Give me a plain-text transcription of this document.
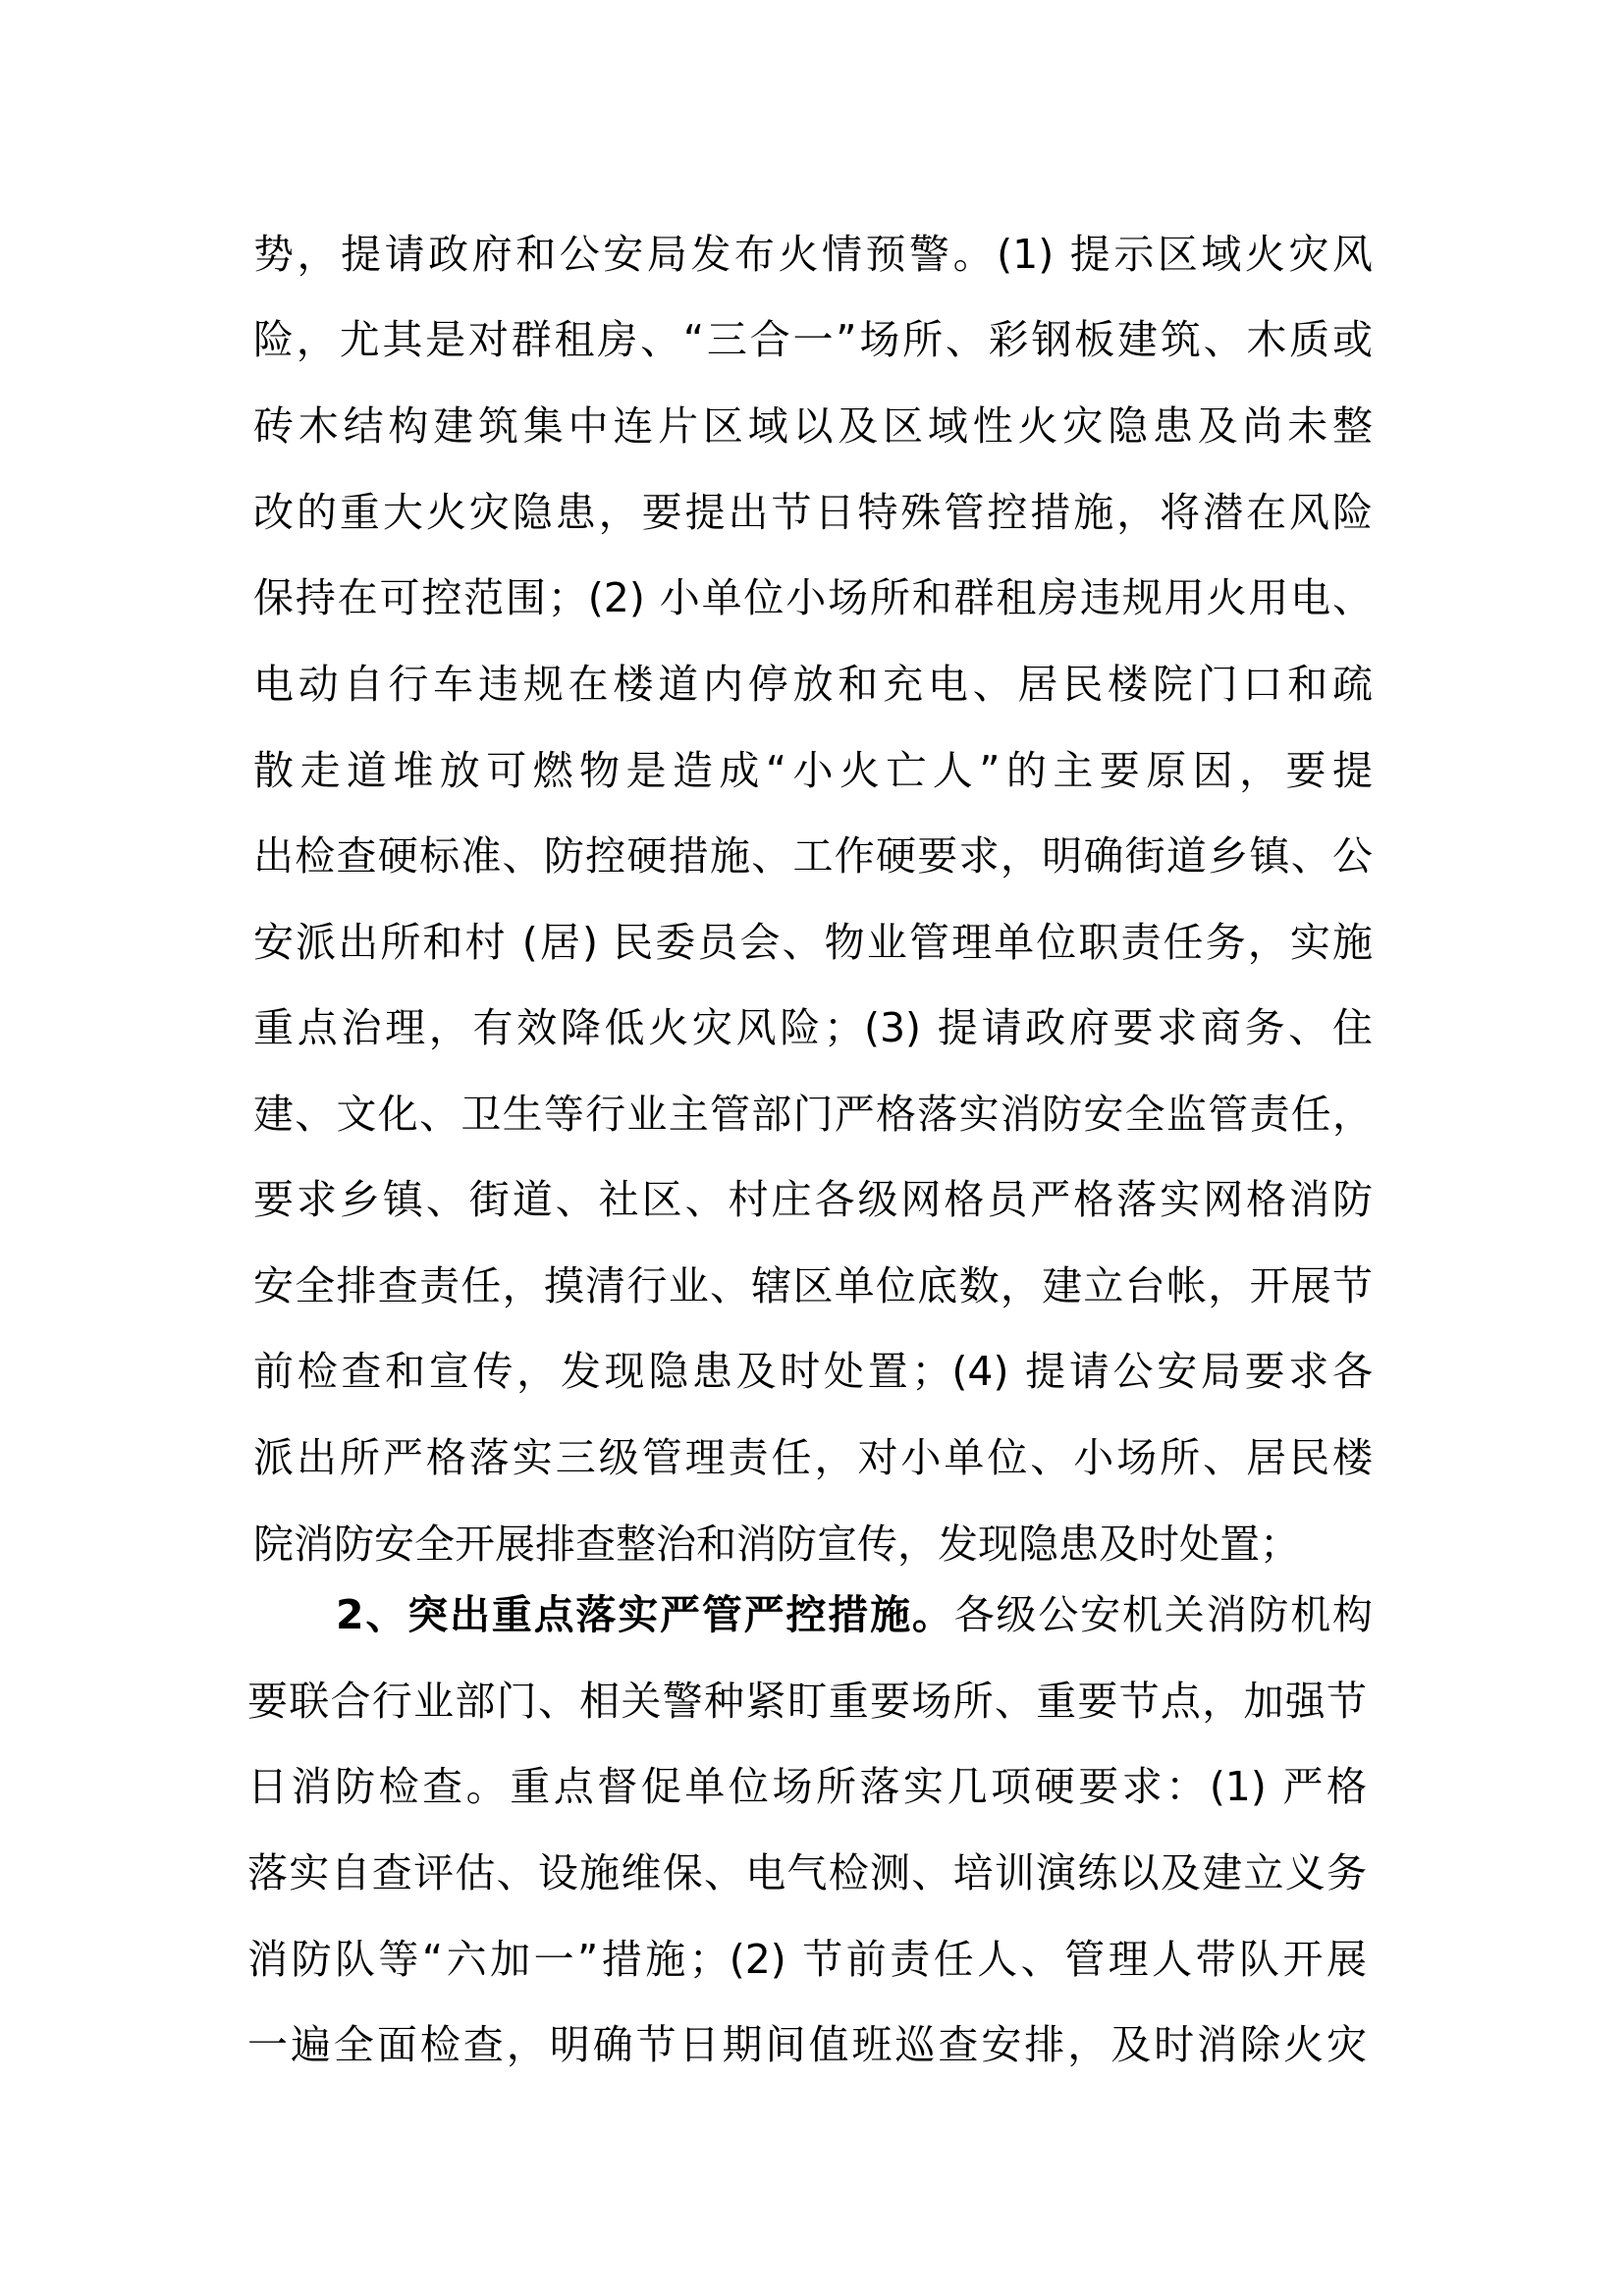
势，提请政府和公安局发布火情预警。(1) 提示区域火灾风
险，尤其是对群租房、“三合一”场所、彩钢板建筑、木质或
砖木结构建筑集中连片区域以及区域性火灾隐患及尚未整
改的重大火灾隐患，要提出节日特殊管控措施，将潜在风险
保持在可控范围；(2) 小单位小场所和群租房违规用火用电、
电动自行车违规在楼道内停放和充电、居民楼院门口和疏
散走道堆放可燃物是造成“小火亡人”的主要原因，要提
出检查硬标准、防控硬措施、工作硬要求，明确街道乡镇、公
安派出所和村 (居) 民委员会、物业管理单位职责任务，实施
重点治理，有效降低火灾风险；(3) 提请政府要求商务、住
建、文化、卫生等行业主管部门严格落实消防安全监管责任，
要求乡镇、街道、社区、村庄各级网格员严格落实网格消防
安全排查责任，摸清行业、辖区单位底数，建立台帐，开展节
前检查和宣传，发现隐患及时处置；(4) 提请公安局要求各
派出所严格落实三级管理责任，对小单位、小场所、居民楼
院消防安全开展排查整治和消防宣传，发现隐患及时处置；
2、突出重点落实严管严控措施。各级公安机关消防机构
要联合行业部门、相关警种紧盯重要场所、重要节点，加强节
日消防检查。重点督促单位场所落实几项硬要求：(1) 严格
落实自查评估、设施维保、电气检测、培训演练以及建立义务
消防队等“六加一”措施；(2) 节前责任人、管理人带队开展
一遍全面检查，明确节日期间值班巡查安排，及时消除火灾
